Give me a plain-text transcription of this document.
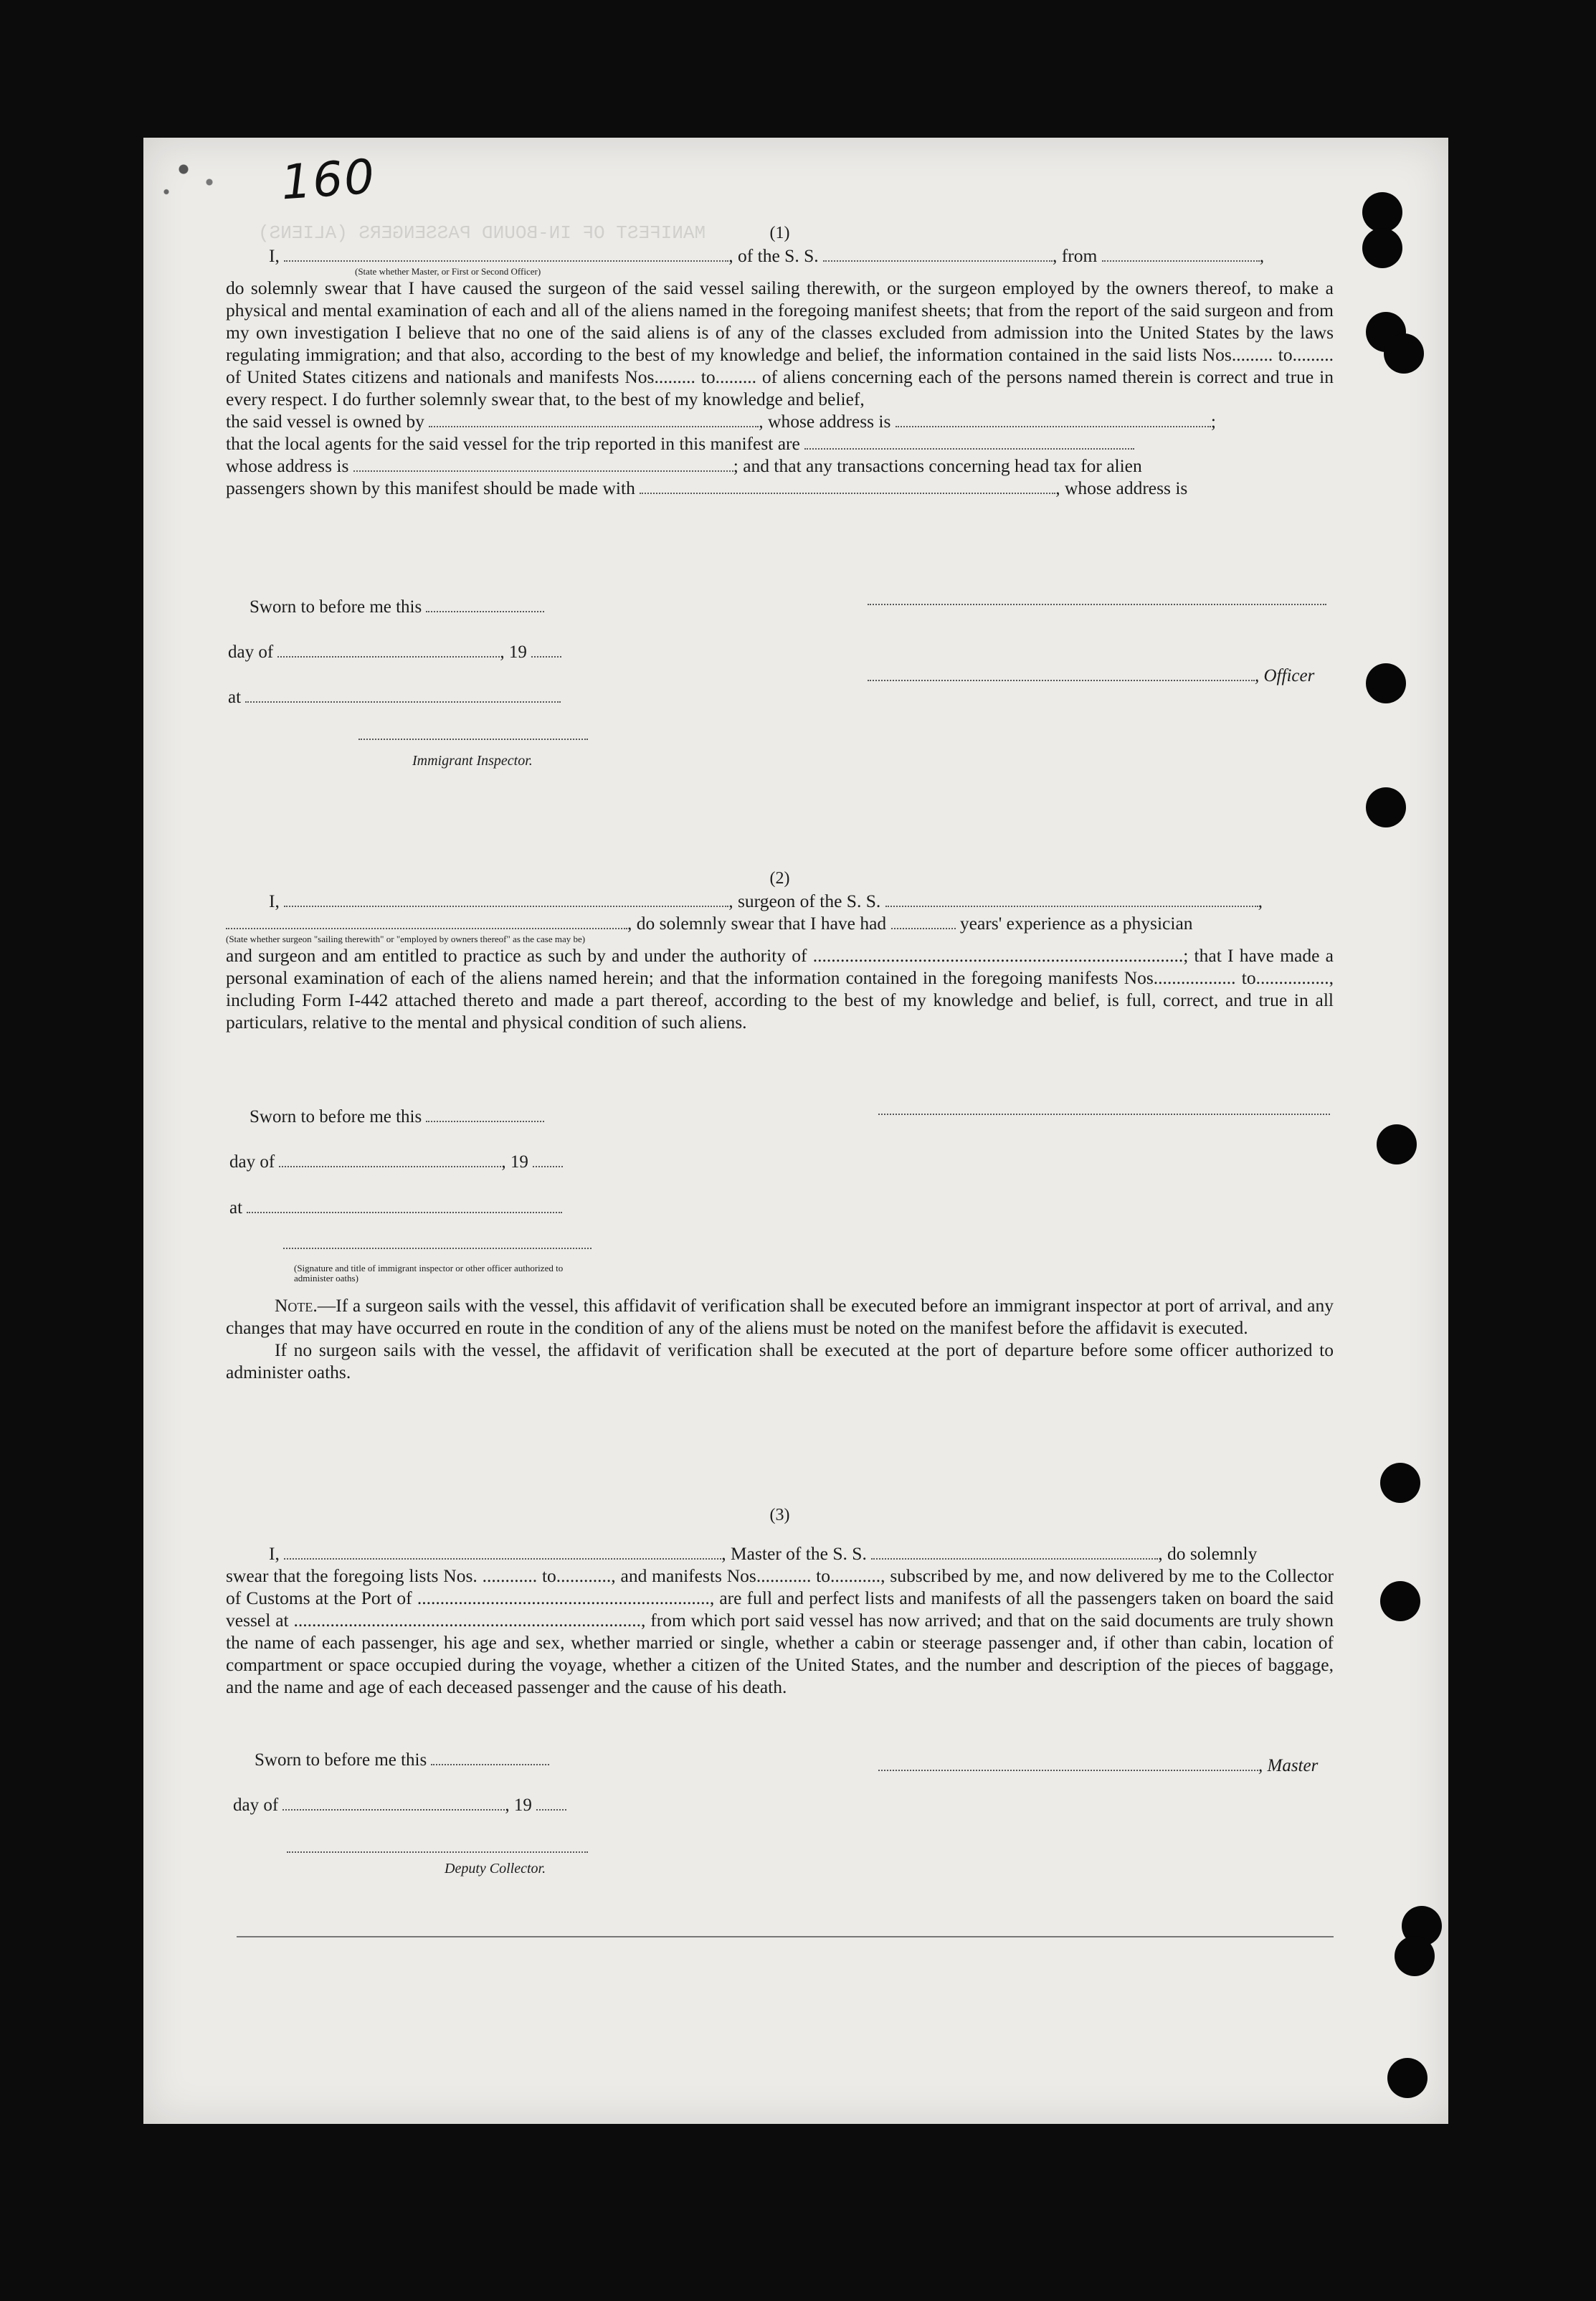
160
MANIFEST OF IN-BOUND PASSENGERS (ALIENS)	(1)
I,	, of the S. S.	, from	,
(State whether Master, or First or Second Officer)
do solemnly swear that I have caused the surgeon of the said vessel sailing therewith, or the surgeon employed by the owners thereof, to make a physical and mental examination of each and all of the aliens named in the foregoing manifest sheets; that from the report of the said surgeon and from my own investigation I believe that no one of the said aliens is of any of the classes excluded from admission into the United States by the laws regulating immigration; and that also, according to the best of my knowledge and belief, the information contained in the said lists Nos......... to......... of United States citizens and nationals and manifests Nos......... to......... of aliens concerning each of the persons named therein is correct and true in every respect. I do further solemnly swear that, to the best of my knowledge and belief,
the said vessel is owned by	, whose address is	;
that the local agents for the said vessel for the trip reported in this manifest are
whose address is	; and that any transactions concerning head tax for alien
passengers shown by this manifest should be made with	, whose address is
Sworn to before me this
day of	, 19
, Officer
at
Immigrant Inspector.
(2)
I,	, surgeon of the S. S.	,
, do solemnly swear that I have had	years' experience as a physician
(State whether surgeon "sailing therewith" or "employed by owners thereof" as the case may be)
and surgeon and am entitled to practice as such by and under the authority of .................................................................................; that I have made a personal examination of each of the aliens named herein; and that the information contained in the foregoing manifests Nos.................. to................, including Form I-442 attached thereto and made a part thereof, according to the best of my knowledge and belief, is full, correct, and true in all particulars, relative to the mental and physical condition of such aliens.
Sworn to before me this
day of	, 19
at
(Signature and title of immigrant inspector or other officer authorized to administer oaths)
Note.—If a surgeon sails with the vessel, this affidavit of verification shall be executed before an immigrant inspector at port of arrival, and any changes that may have occurred en route in the condition of any of the aliens must be noted on the manifest before the affidavit is executed.
If no surgeon sails with the vessel, the affidavit of verification shall be executed at the port of departure before some officer authorized to administer oaths.
(3)
I,	, Master of the S. S.	, do solemnly
swear that the foregoing lists Nos. ............ to............, and manifests Nos............ to..........., subscribed by me, and now delivered by me to the Collector of Customs at the Port of ................................................................, are full and perfect lists and manifests of all the passengers taken on board the said vessel at ............................................................................, from which port said vessel has now arrived; and that on the said documents are truly shown the name of each passenger, his age and sex, whether married or single, whether a cabin or steerage passenger and, if other than cabin, location of compartment or space occupied during the voyage, whether a citizen of the United States, and the number and description of the pieces of baggage, and the name and age of each deceased passenger and the cause of his death.
Sworn to before me this	, Master
day of	, 19
Deputy Collector.
